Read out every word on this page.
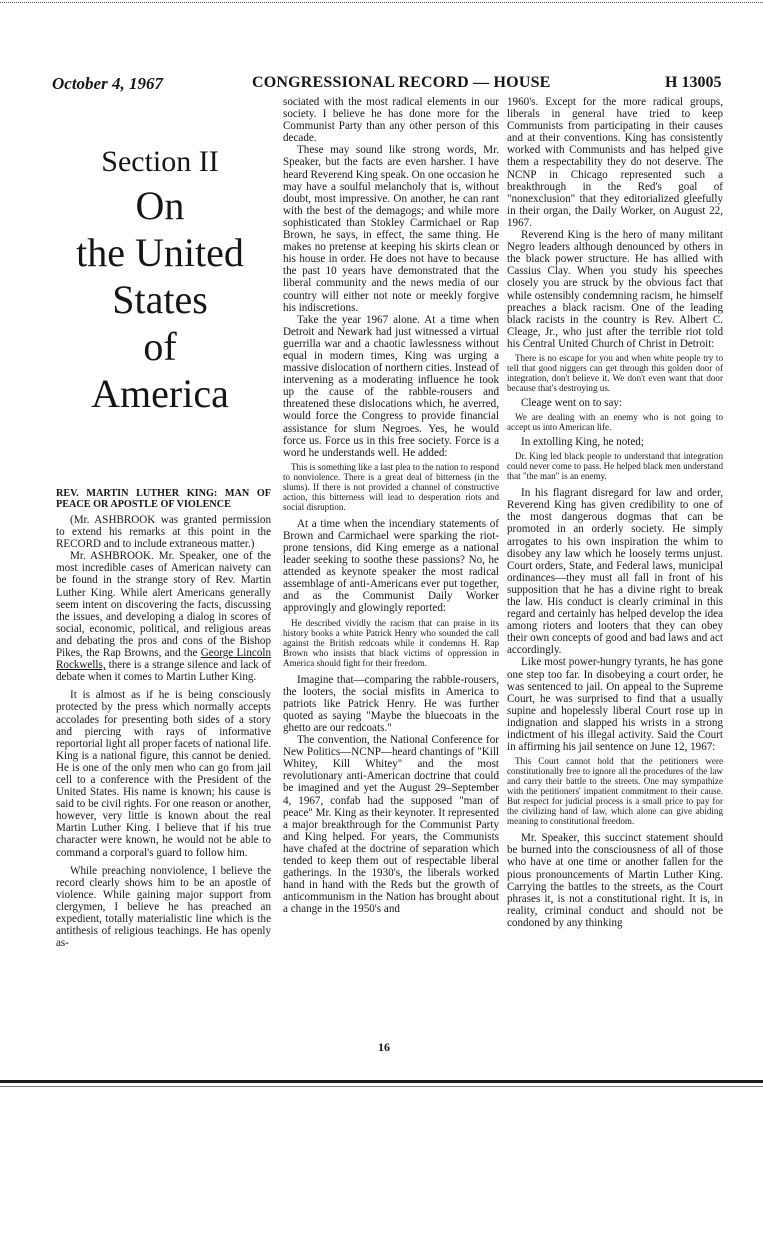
October 4, 1967	CONGRESSIONAL RECORD — HOUSE	H 13005
Section II
On
the United
States
of
America

REV. MARTIN LUTHER KING: MAN OF PEACE OR APOSTLE OF VIOLENCE

(Mr. ASHBROOK was granted permission to extend his remarks at this point in the RECORD and to include extraneous matter.)

Mr. ASHBROOK. Mr. Speaker, one of the most incredible cases of American naivety can be found in the strange story of Rev. Martin Luther King. While alert Americans generally seem intent on discovering the facts, discussing the issues, and developing a dialog in scores of social, economic, political, and religious areas and debating the pros and cons of the Bishop Pikes, the Rap Browns, and the George Lincoln Rockwells, there is a strange silence and lack of debate when it comes to Martin Luther King.

It is almost as if he is being consciously protected by the press which normally accepts accolades for presenting both sides of a story and piercing with rays of informative reportorial light all proper facets of national life. King is a national figure, this cannot be denied. He is one of the only men who can go from jail cell to a conference with the President of the United States. His name is known; his cause is said to be civil rights. For one reason or another, however, very little is known about the real Martin Luther King. I believe that if his true character were known, he would not be able to command a corporal's guard to follow him.

While preaching nonviolence, I believe the record clearly shows him to be an apostle of violence. While gaining major support from clergymen, I believe he has preached an expedient, totally materialistic line which is the antithesis of religious teachings. He has openly as-

sociated with the most radical elements in our society. I believe he has done more for the Communist Party than any other person of this decade.

These may sound like strong words, Mr. Speaker, but the facts are even harsher. I have heard Reverend King speak. On one occasion he may have a soulful melancholy that is, without doubt, most impressive. On another, he can rant with the best of the demagogs; and while more sophisticated than Stokley Carmichael or Rap Brown, he says, in effect, the same thing. He makes no pretense at keeping his skirts clean or his house in order. He does not have to because the past 10 years have demonstrated that the liberal community and the news media of our country will either not note or meekly forgive his indiscretions.

Take the year 1967 alone. At a time when Detroit and Newark had just witnessed a virtual guerrilla war and a chaotic lawlessness without equal in modern times, King was urging a massive dislocation of northern cities. Instead of intervening as a moderating influence he took up the cause of the rabble-rousers and threatened these dislocations which, he averred, would force the Congress to provide financial assistance for slum Negroes. Yes, he would force us. Force us in this free society. Force is a word he understands well. He added:

This is something like a last plea to the nation to respond to nonviolence. There is a great deal of bitterness (in the slums). If there is not provided a channel of constructive action, this bitterness will lead to desperation riots and social disruption.

At a time when the incendiary statements of Brown and Carmichael were sparking the riot-prone tensions, did King emerge as a national leader seeking to soothe these passions? No, he attended as keynote speaker the most radical assemblage of anti-Americans ever put together, and as the Communist Daily Worker approvingly and glowingly reported:

He described vividly the racism that can praise in its history books a white Patrick Henry who sounded the call against the British redcoats while it condemns H. Rap Brown who insists that black victims of oppression in America should fight for their freedom.

Imagine that—comparing the rabble-rousers, the looters, the social misfits in America to patriots like Patrick Henry. He was further quoted as saying "Maybe the bluecoats in the ghetto are our redcoats."

The convention, the National Conference for New Politics—NCNP—heard chantings of "Kill Whitey, Kill Whitey" and the most revolutionary anti-American doctrine that could be imagined and yet the August 29–September 4, 1967, confab had the supposed "man of peace" Mr. King as their keynoter. It represented a major breakthrough for the Communist Party and King helped. For years, the Communists have chafed at the doctrine of separation which tended to keep them out of respectable liberal gatherings. In the 1930's, the liberals worked hand in hand with the Reds but the growth of anticommunism in the Nation has brought about a change in the 1950's and

1960's. Except for the more radical groups, liberals in general have tried to keep Communists from participating in their causes and at their conventions. King has consistently worked with Communists and has helped give them a respectability they do not deserve. The NCNP in Chicago represented such a breakthrough in the Red's goal of "nonexclusion" that they editorialized gleefully in their organ, the Daily Worker, on August 22, 1967.

Reverend King is the hero of many militant Negro leaders although denounced by others in the black power structure. He has allied with Cassius Clay. When you study his speeches closely you are struck by the obvious fact that while ostensibly condemning racism, he himself preaches a black racism. One of the leading black racists in the country is Rev. Albert C. Cleage, Jr., who just after the terrible riot told his Central United Church of Christ in Detroit:

There is no escape for you and when white people try to tell that good niggers can get through this golden door of integration, don't believe it. We don't even want that door because that's destroying us.

Cleage went on to say:

We are dealing with an enemy who is not going to accept us into American life.

In extolling King, he noted;

Dr. King led black people to understand that integration could never come to pass. He helped black men understand that "the man" is an enemy.

In his flagrant disregard for law and order, Reverend King has given credibility to one of the most dangerous dogmas that can be promoted in an orderly society. He simply arrogates to his own inspiration the whim to disobey any law which he loosely terms unjust. Court orders, State, and Federal laws, municipal ordinances—they must all fall in front of his supposition that he has a divine right to break the law. His conduct is clearly criminal in this regard and certainly has helped develop the idea among rioters and looters that they can obey their own concepts of good and bad laws and act accordingly.

Like most power-hungry tyrants, he has gone one step too far. In disobeying a court order, he was sentenced to jail. On appeal to the Supreme Court, he was surprised to find that a usually supine and hopelessly liberal Court rose up in indignation and slapped his wrists in a strong indictment of his illegal activity. Said the Court in affirming his jail sentence on June 12, 1967:

This Court cannot hold that the petitioners were constitutionally free to ignore all the procedures of the law and carry their battle to the streets. One may sympathize with the petitioners' impatient commitment to their cause. But respect for judicial process is a small price to pay for the civilizing hand of law, which alone can give abiding meaning to constitutional freedom.

Mr. Speaker, this succinct statement should be burned into the consciousness of all of those who have at one time or another fallen for the pious pronouncements of Martin Luther King. Carrying the battles to the streets, as the Court phrases it, is not a constitutional right. It is, in reality, criminal conduct and should not be condoned by any thinking

16
